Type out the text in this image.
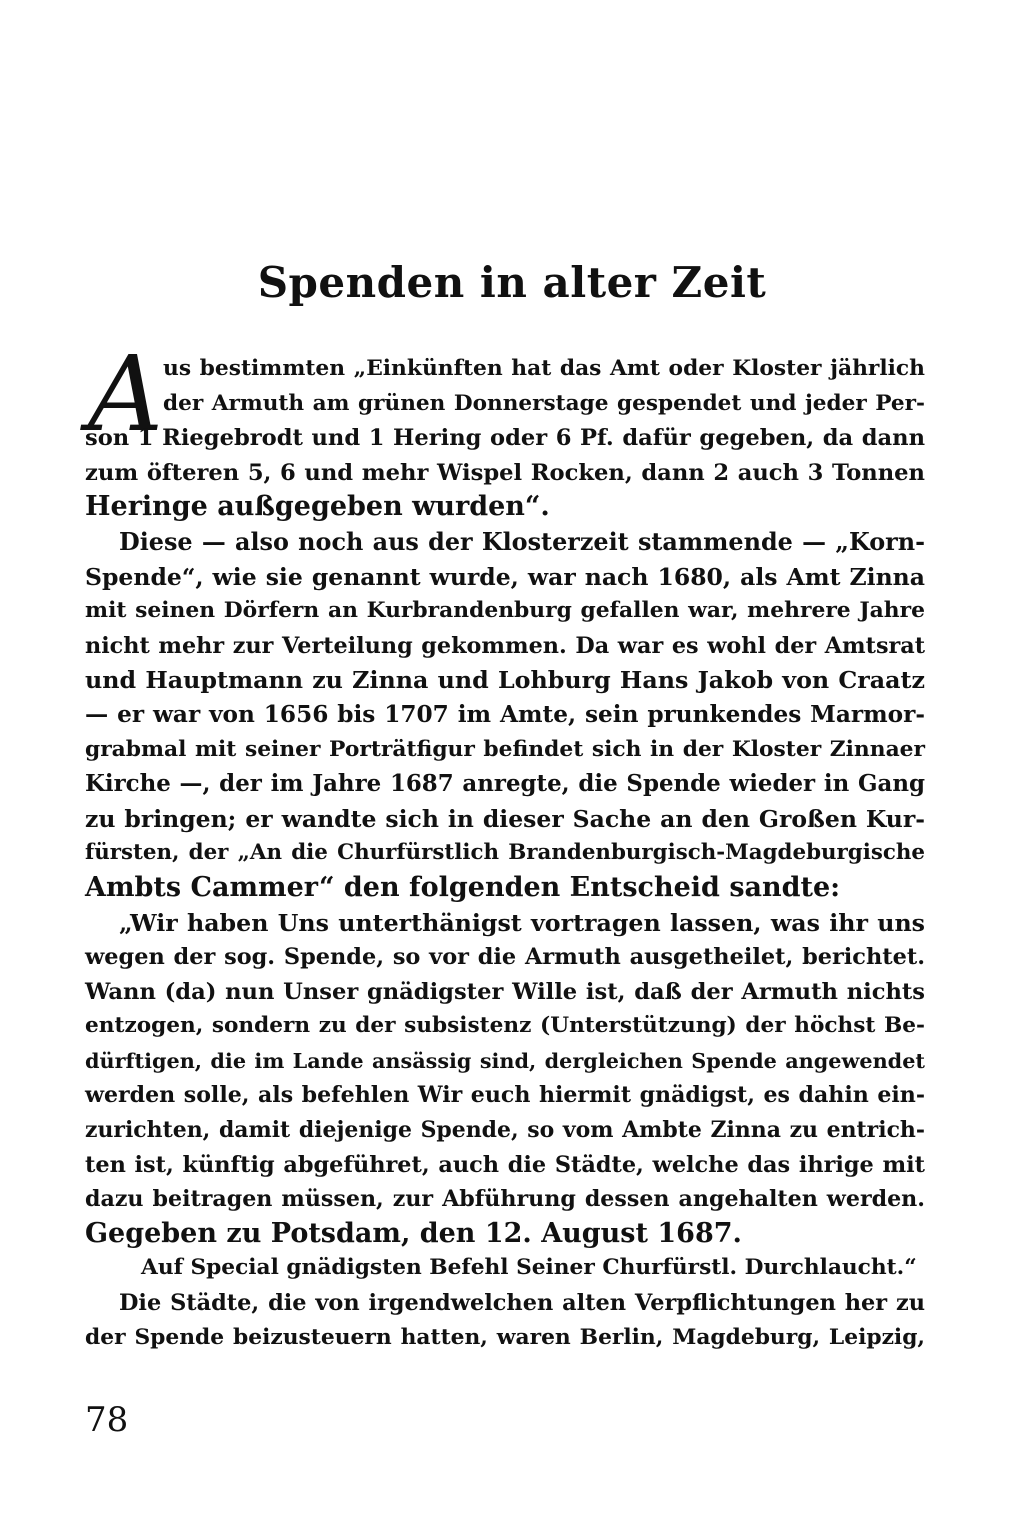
Spenden in alter Zeit
A us bestimmten „Einkünften hat das Amt oder Kloster jährlich
der Armuth am grünen Donnerstage gespendet und jeder Per-
son 1 Riegebrodt und 1 Hering oder 6 Pf. dafür gegeben, da dann
zum öfteren 5, 6 und mehr Wispel Rocken, dann 2 auch 3 Tonnen
Heringe außgegeben wurden“.
Diese — also noch aus der Klosterzeit stammende — „Korn-
Spende“, wie sie genannt wurde, war nach 1680, als Amt Zinna
mit seinen Dörfern an Kurbrandenburg gefallen war, mehrere Jahre
nicht mehr zur Verteilung gekommen. Da war es wohl der Amtsrat
und Hauptmann zu Zinna und Lohburg Hans Jakob von Craatz
— er war von 1656 bis 1707 im Amte, sein prunkendes Marmor-
grabmal mit seiner Porträtfigur befindet sich in der Kloster Zinnaer
Kirche —, der im Jahre 1687 anregte, die Spende wieder in Gang
zu bringen; er wandte sich in dieser Sache an den Großen Kur-
fürsten, der „An die Churfürstlich Brandenburgisch-Magdeburgische
Ambts Cammer“ den folgenden Entscheid sandte:
„Wir haben Uns unterthänigst vortragen lassen, was ihr uns
wegen der sog. Spende, so vor die Armuth ausgetheilet, berichtet.
Wann (da) nun Unser gnädigster Wille ist, daß der Armuth nichts
entzogen, sondern zu der subsistenz (Unterstützung) der höchst Be-
dürftigen, die im Lande ansässig sind, dergleichen Spende angewendet
werden solle, als befehlen Wir euch hiermit gnädigst, es dahin ein-
zurichten, damit diejenige Spende, so vom Ambte Zinna zu entrich-
ten ist, künftig abgeführet, auch die Städte, welche das ihrige mit
dazu beitragen müssen, zur Abführung dessen angehalten werden.
Gegeben zu Potsdam, den 12. August 1687.
Auf Special gnädigsten Befehl Seiner Churfürstl. Durchlaucht.“
Die Städte, die von irgendwelchen alten Verpflichtungen her zu
der Spende beizusteuern hatten, waren Berlin, Magdeburg, Leipzig,
78
